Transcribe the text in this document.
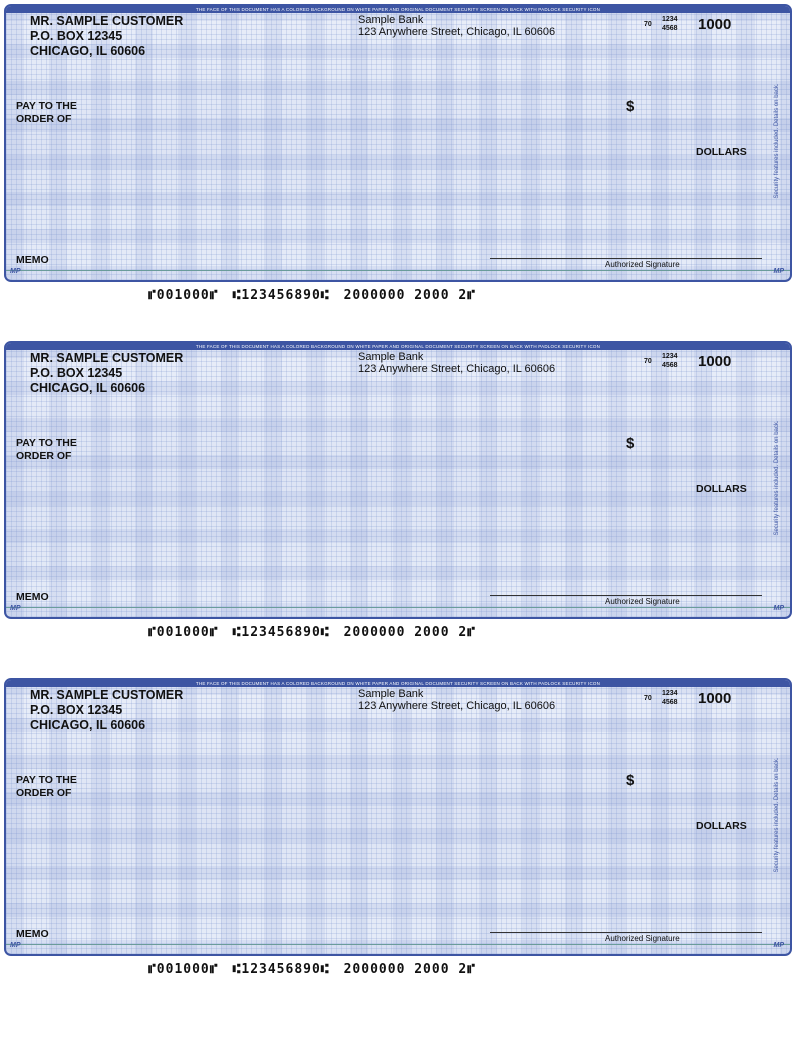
THE FACE OF THIS DOCUMENT HAS A COLORED BACKGROUND ON WHITE PAPER AND ORIGINAL DOCUMENT SECURITY SCREEN ON BACK WITH PADLOCK SECURITY ICON
Security features included. Details on back.
MR. SAMPLE CUSTOMER
P.O. BOX 12345
CHICAGO, IL 60606
Sample Bank
123 Anywhere Street, Chicago, IL 60606
70
1234
4568 1000
PAY TO THE
ORDER OF
$
DOLLARS
MEMO	Authorized Signature
MP	MP
⑈001000⑈ ⑆123456890⑆ 2000000 2000 2⑈
THE FACE OF THIS DOCUMENT HAS A COLORED BACKGROUND ON WHITE PAPER AND ORIGINAL DOCUMENT SECURITY SCREEN ON BACK WITH PADLOCK SECURITY ICON
Security features included. Details on back.
MR. SAMPLE CUSTOMER
P.O. BOX 12345
CHICAGO, IL 60606
Sample Bank
123 Anywhere Street, Chicago, IL 60606
70
1234
4568 1000
PAY TO THE
ORDER OF
$
DOLLARS
MEMO	Authorized Signature
MP	MP
⑈001000⑈ ⑆123456890⑆ 2000000 2000 2⑈
THE FACE OF THIS DOCUMENT HAS A COLORED BACKGROUND ON WHITE PAPER AND ORIGINAL DOCUMENT SECURITY SCREEN ON BACK WITH PADLOCK SECURITY ICON
Security features included. Details on back.
MR. SAMPLE CUSTOMER
P.O. BOX 12345
CHICAGO, IL 60606
Sample Bank
123 Anywhere Street, Chicago, IL 60606
70
1234
4568 1000
PAY TO THE
ORDER OF
$
DOLLARS
MEMO	Authorized Signature
MP	MP
⑈001000⑈ ⑆123456890⑆ 2000000 2000 2⑈
